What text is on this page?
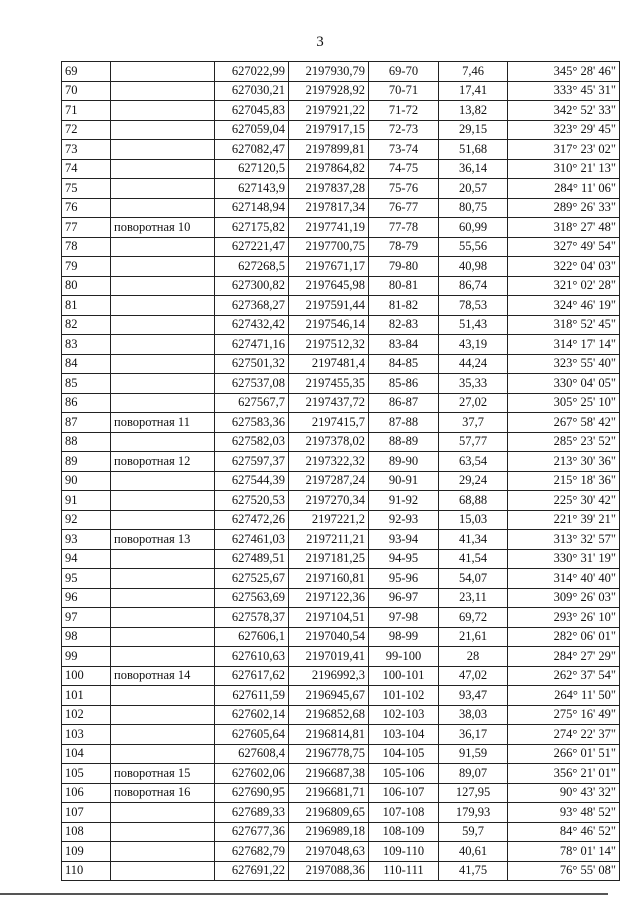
3
69		627022,99	2197930,79	69-70	7,46	345° 28' 46"
70		627030,21	2197928,92	70-71	17,41	333° 45' 31"
71		627045,83	2197921,22	71-72	13,82	342° 52' 33"
72		627059,04	2197917,15	72-73	29,15	323° 29' 45"
73		627082,47	2197899,81	73-74	51,68	317° 23' 02"
74		627120,5	2197864,82	74-75	36,14	310° 21' 13"
75		627143,9	2197837,28	75-76	20,57	284° 11' 06"
76		627148,94	2197817,34	76-77	80,75	289° 26' 33"
77	поворотная 10	627175,82	2197741,19	77-78	60,99	318° 27' 48"
78		627221,47	2197700,75	78-79	55,56	327° 49' 54"
79		627268,5	2197671,17	79-80	40,98	322° 04' 03"
80		627300,82	2197645,98	80-81	86,74	321° 02' 28"
81		627368,27	2197591,44	81-82	78,53	324° 46' 19"
82		627432,42	2197546,14	82-83	51,43	318° 52' 45"
83		627471,16	2197512,32	83-84	43,19	314° 17' 14"
84		627501,32	2197481,4	84-85	44,24	323° 55' 40"
85		627537,08	2197455,35	85-86	35,33	330° 04' 05"
86		627567,7	2197437,72	86-87	27,02	305° 25' 10"
87	поворотная 11	627583,36	2197415,7	87-88	37,7	267° 58' 42"
88		627582,03	2197378,02	88-89	57,77	285° 23' 52"
89	поворотная 12	627597,37	2197322,32	89-90	63,54	213° 30' 36"
90		627544,39	2197287,24	90-91	29,24	215° 18' 36"
91		627520,53	2197270,34	91-92	68,88	225° 30' 42"
92		627472,26	2197221,2	92-93	15,03	221° 39' 21"
93	поворотная 13	627461,03	2197211,21	93-94	41,34	313° 32' 57"
94		627489,51	2197181,25	94-95	41,54	330° 31' 19"
95		627525,67	2197160,81	95-96	54,07	314° 40' 40"
96		627563,69	2197122,36	96-97	23,11	309° 26' 03"
97		627578,37	2197104,51	97-98	69,72	293° 26' 10"
98		627606,1	2197040,54	98-99	21,61	282° 06' 01"
99		627610,63	2197019,41	99-100	28	284° 27' 29"
100	поворотная 14	627617,62	2196992,3	100-101	47,02	262° 37' 54"
101		627611,59	2196945,67	101-102	93,47	264° 11' 50"
102		627602,14	2196852,68	102-103	38,03	275° 16' 49"
103		627605,64	2196814,81	103-104	36,17	274° 22' 37"
104		627608,4	2196778,75	104-105	91,59	266° 01' 51"
105	поворотная 15	627602,06	2196687,38	105-106	89,07	356° 21' 01"
106	поворотная 16	627690,95	2196681,71	106-107	127,95	90° 43' 32"
107		627689,33	2196809,65	107-108	179,93	93° 48' 52"
108		627677,36	2196989,18	108-109	59,7	84° 46' 52"
109		627682,79	2197048,63	109-110	40,61	78° 01' 14"
110		627691,22	2197088,36	110-111	41,75	76° 55' 08"
